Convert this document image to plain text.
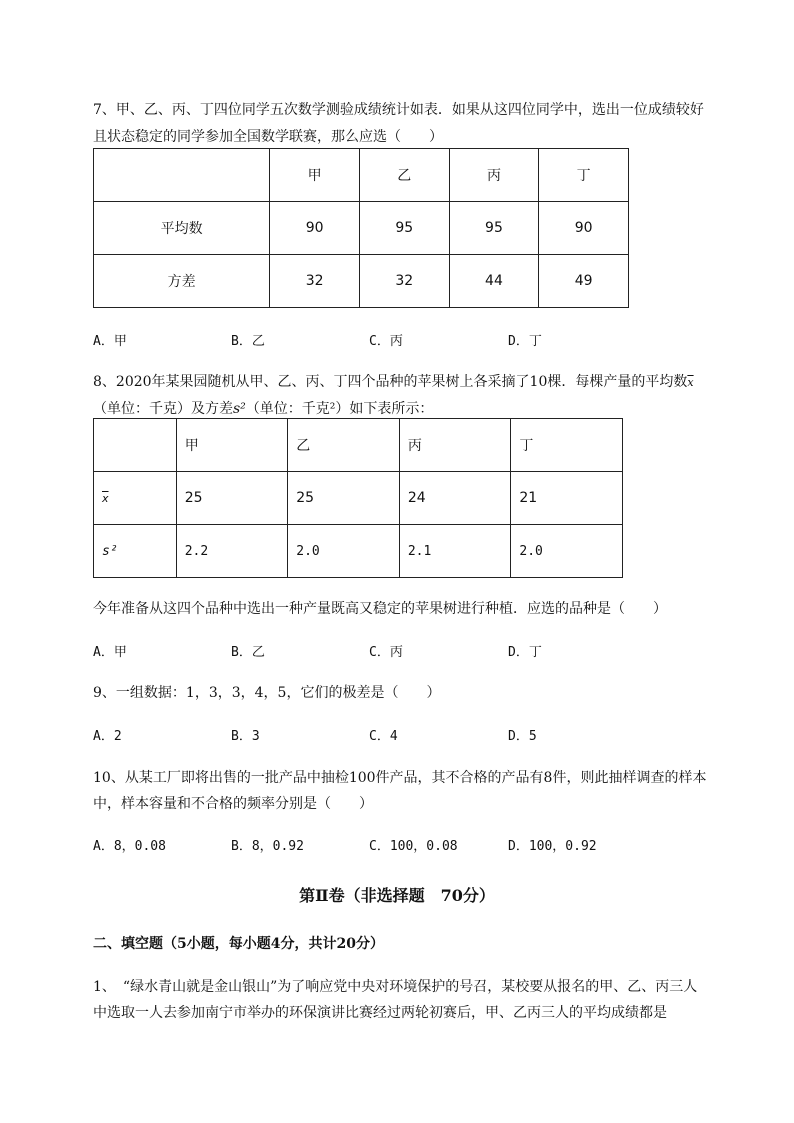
7、甲、乙、丙、丁四位同学五次数学测验成绩统计如表．如果从这四位同学中，选出一位成绩较好
且状态稳定的同学参加全国数学联赛，那么应选（　　）
	甲	乙	丙	丁
平均数	90	95	95	90
方差	32	32	44	49
A．甲	B．乙	C．丙	D．丁
8、2020年某果园随机从甲、乙、丙、丁四个品种的苹果树上各采摘了10棵．每棵产量的平均数$\overline{x}$
（单位：千克）及方差s²（单位：千克²）如下表所示：
	甲	乙	丙	丁
$\overline{x}$	25	25	24	21
s²	2.2	2.0	2.1	2.0
今年准备从这四个品种中选出一种产量既高又稳定的苹果树进行种植．应选的品种是（　　）
A．甲	B．乙	C．丙	D．丁
9、一组数据：1，3，3，4，5，它们的极差是（　　）
A．2	B．3	C．4	D．5
10、从某工厂即将出售的一批产品中抽检100件产品，其不合格的产品有8件，则此抽样调查的样本
中，样本容量和不合格的频率分别是（　　）
A．8，0.08	B．8，0.92	C．100，0.08	D．100，0.92
第Ⅱ卷（非选择题　70分）
二、填空题（5小题，每小题4分，共计20分）
1、　“绿水青山就是金山银山”为了响应党中央对环境保护的号召，某校要从报名的甲、乙、丙三人
中选取一人去参加南宁市举办的环保演讲比赛经过两轮初赛后，甲、乙丙三人的平均成绩都是
